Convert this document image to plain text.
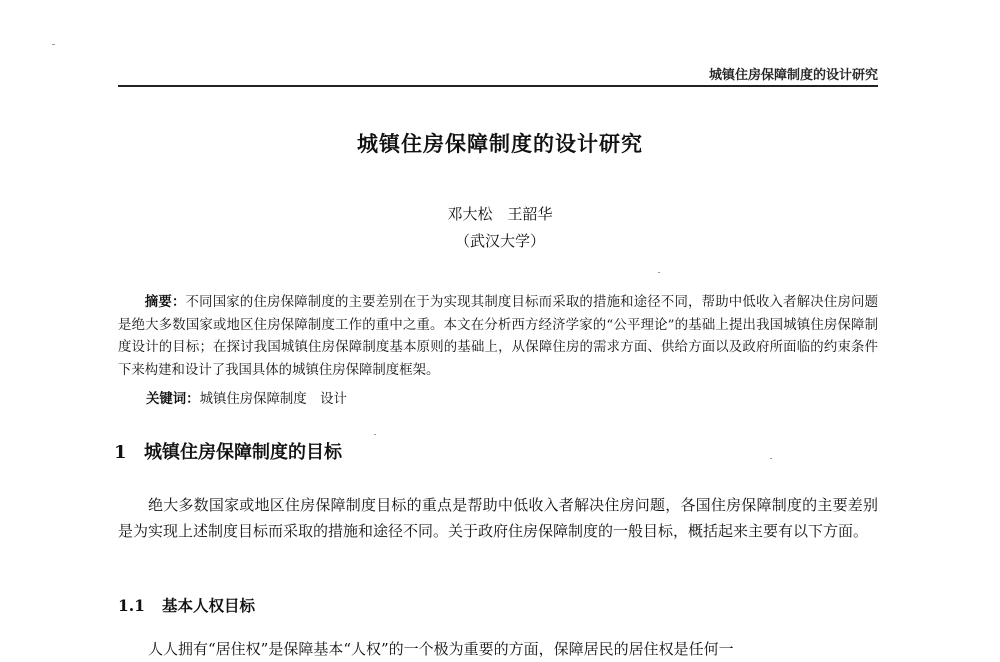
城镇住房保障制度的设计研究
城镇住房保障制度的设计研究
邓大松　王韶华
（武汉大学）
摘要：不同国家的住房保障制度的主要差别在于为实现其制度目标而采取的措施和途径不同，帮助中低收入者解决住房问题是绝大多数国家或地区住房保障制度工作的重中之重。本文在分析西方经济学家的“公平理论”的基础上提出我国城镇住房保障制度设计的目标；在探讨我国城镇住房保障制度基本原则的基础上，从保障住房的需求方面、供给方面以及政府所面临的约束条件下来构建和设计了我国具体的城镇住房保障制度框架。
关键词：城镇住房保障制度　设计
1 城镇住房保障制度的目标
绝大多数国家或地区住房保障制度目标的重点是帮助中低收入者解决住房问题，各国住房保障制度的主要差别是为实现上述制度目标而采取的措施和途径不同。关于政府住房保障制度的一般目标，概括起来主要有以下方面。
1.1 基本人权目标
人人拥有“居住权”是保障基本“人权”的一个极为重要的方面，保障居民的居住权是任何一
